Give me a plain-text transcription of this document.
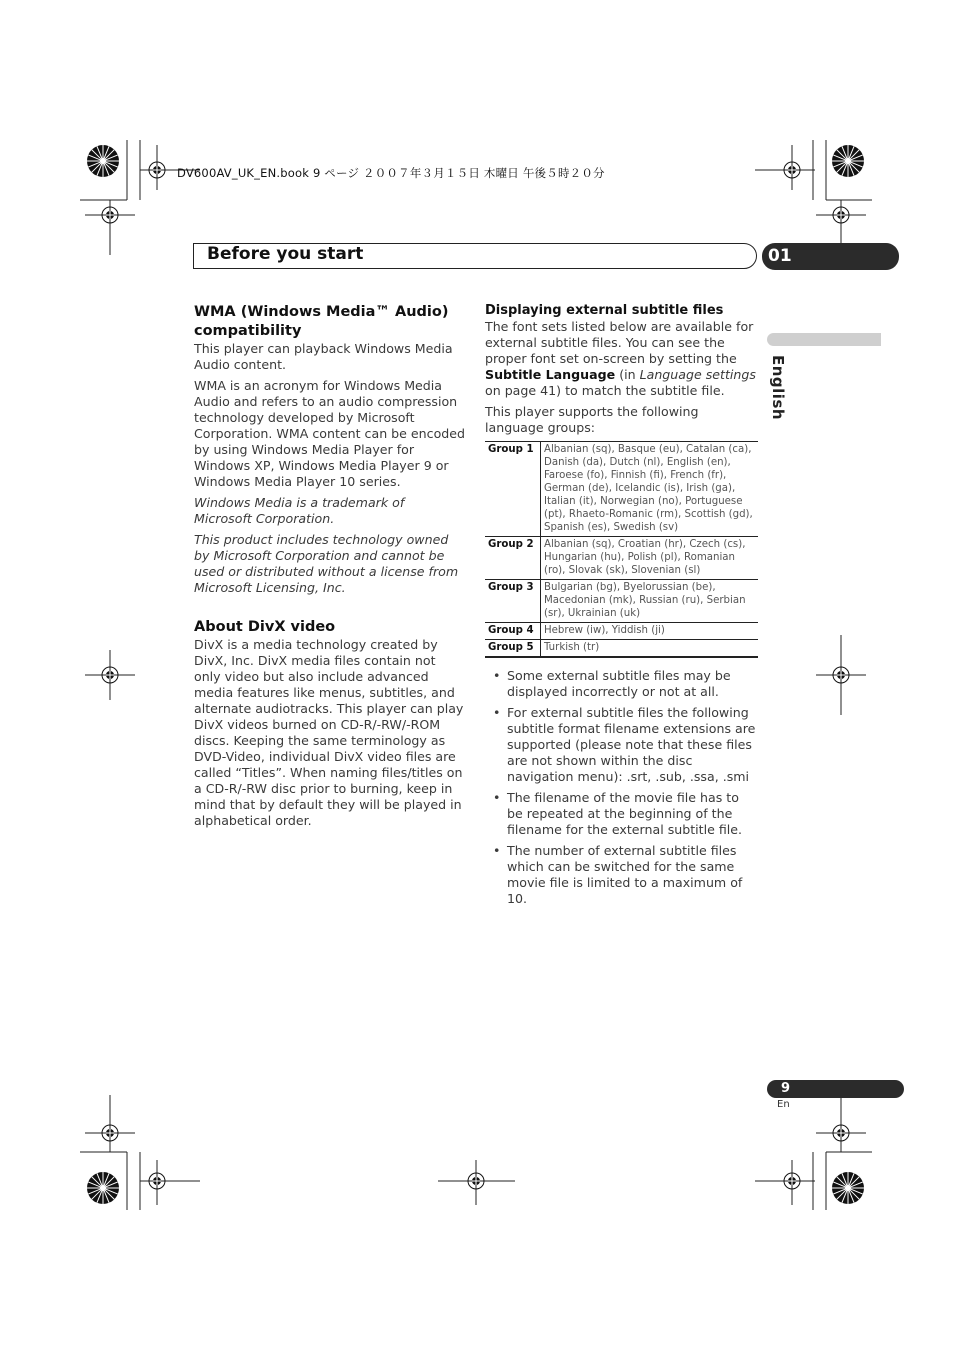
DV600AV_UK_EN.book 9 ページ ２００７年３月１５日 木曜日 午後５時２０分
Before you start	01
English
WMA (Windows Media™ Audio) compatibility

This player can playback Windows Media Audio content.

WMA is an acronym for Windows Media Audio and refers to an audio compression technology developed by Microsoft Corporation. WMA content can be encoded by using Windows Media Player for Windows XP, Windows Media Player 9 or Windows Media Player 10 series.

Windows Media is a trademark of Microsoft Corporation.

This product includes technology owned by Microsoft Corporation and cannot be used or distributed without a license from Microsoft Licensing, Inc.

About DivX video

DivX is a media technology created by DivX, Inc. DivX media files contain not only video but also include advanced media features like menus, subtitles, and alternate audiotracks. This player can play DivX videos burned on CD-R/-RW/-ROM discs. Keeping the same terminology as DVD-Video, individual DivX video files are called “Titles”. When naming files/titles on a CD-R/-RW disc prior to burning, keep in mind that by default they will be played in alphabetical order.

Displaying external subtitle files

The font sets listed below are available for external subtitle files. You can see the proper font set on-screen by setting the Subtitle Language (in Language settings on page 41) to match the subtitle file.

This player supports the following language groups:

Group 1	Albanian (sq), Basque (eu), Catalan (ca), Danish (da), Dutch (nl), English (en), Faroese (fo), Finnish (fi), French (fr), German (de), Icelandic (is), Irish (ga), Italian (it), Norwegian (no), Portuguese (pt), Rhaeto-Romanic (rm), Scottish (gd), Spanish (es), Swedish (sv)
Group 2	Albanian (sq), Croatian (hr), Czech (cs), Hungarian (hu), Polish (pl), Romanian (ro), Slovak (sk), Slovenian (sl)
Group 3	Bulgarian (bg), Byelorussian (be), Macedonian (mk), Russian (ru), Serbian (sr), Ukrainian (uk)
Group 4	Hebrew (iw), Yiddish (ji)
Group 5	Turkish (tr)
• Some external subtitle files may be displayed incorrectly or not at all.
• For external subtitle files the following subtitle format filename extensions are supported (please note that these files are not shown within the disc navigation menu): .srt, .sub, .ssa, .smi
• The filename of the movie file has to be repeated at the beginning of the filename for the external subtitle file.
• The number of external subtitle files which can be switched for the same movie file is limited to a maximum of 10.
9
En
